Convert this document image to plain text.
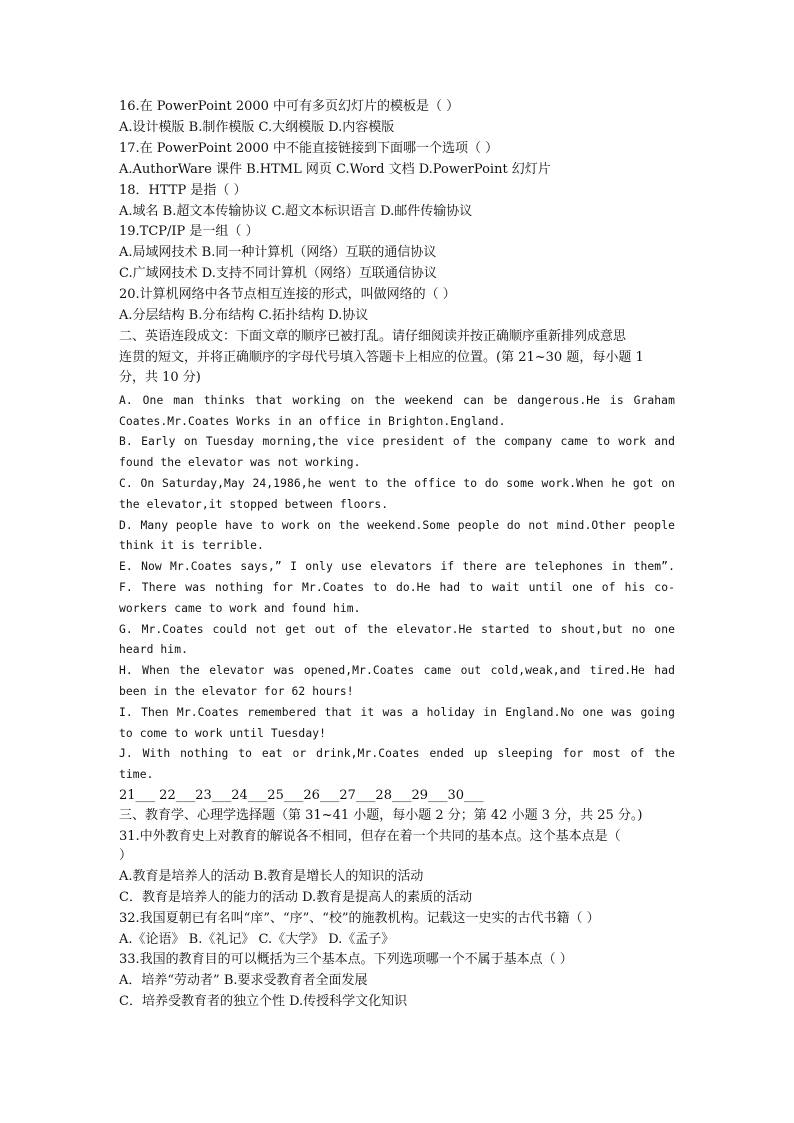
16.在 PowerPoint 2000 中可有多页幻灯片的模板是（ ）
A.设计模版 B.制作模版 C.大纲模版 D.内容模版
17.在 PowerPoint 2000 中不能直接链接到下面哪一个选项（ ）
A.AuthorWare 课件 B.HTML 网页 C.Word 文档 D.PowerPoint 幻灯片
18．HTTP 是指（ ）
A.域名 B.超文本传输协议 C.超文本标识语言 D.邮件传输协议
19.TCP/IP 是一组（ ）
A.局域网技术 B.同一种计算机（网络）互联的通信协议
C.广域网技术 D.支持不同计算机（网络）互联通信协议
20.计算机网络中各节点相互连接的形式，叫做网络的（ ）
A.分层结构 B.分布结构 C.拓扑结构 D.协议
二、英语连段成文：下面文章的顺序已被打乱。请仔细阅读并按正确顺序重新排列成意思
连贯的短文，并将正确顺序的字母代号填入答题卡上相应的位置。(第 21~30 题，每小题 1
分，共 10 分)
A. One man thinks that working on the weekend can be dangerous.He is Graham
Coates.Mr.Coates Works in an office in Brighton.England.
B. Early on Tuesday morning,the vice president of the company came to work and
found the elevator was not working.
C. On Saturday,May 24,1986,he went to the office to do some work.When he got on
the elevator,it stopped between floors.
D. Many people have to work on the weekend.Some people do not mind.Other people
think it is terrible.
E. Now Mr.Coates says,” I only use elevators if there are telephones in them”.
F. There was nothing for Mr.Coates to do.He had to wait until one of his co-
workers came to work and found him.
G. Mr.Coates could not get out of the elevator.He started to shout,but no one
heard him.
H. When the elevator was opened,Mr.Coates came out cold,weak,and tired.He had
been in the elevator for 62 hours!
I. Then Mr.Coates remembered that it was a holiday in England.No one was going
to come to work until Tuesday!
J. With nothing to eat or drink,Mr.Coates ended up sleeping for most of the
time.
21___ 22___23___24___25___26___27___28___29___30___
三、教育学、心理学选择题（第 31~41 小题，每小题 2 分；第 42 小题 3 分，共 25 分。)
31.中外教育史上对教育的解说各不相同，但存在着一个共同的基本点。这个基本点是（
）
A.教育是培养人的活动 B.教育是增长人的知识的活动
C．教育是培养人的能力的活动 D.教育是提高人的素质的活动
32.我国夏朝已有名叫“庠”、“序”、“校”的施教机构。记载这一史实的古代书籍（ ）
A.《论语》 B.《礼记》 C.《大学》 D.《孟子》
33.我国的教育目的可以概括为三个基本点。下列选项哪一个不属于基本点（ ）
A．培养“劳动者” B.要求受教育者全面发展
C．培养受教育者的独立个性 D.传授科学文化知识
